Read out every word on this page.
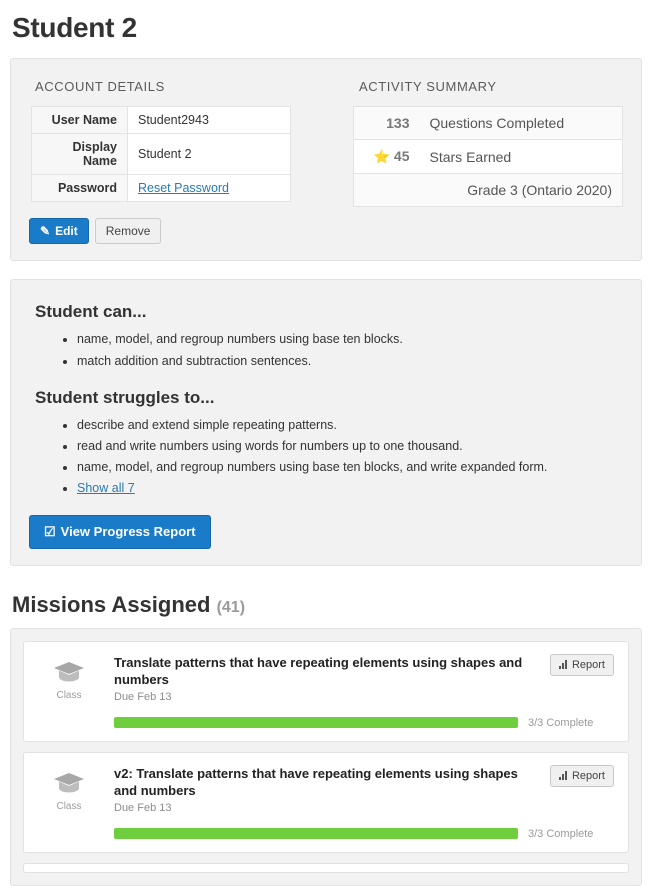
Student 2
ACCOUNT DETAILS
User Name	Student2943
Display Name	Student 2
Password	Reset Password
✎ Edit Remove
ACTIVITY SUMMARY
133	Questions Completed
⭐ 45	Stars Earned
	Grade 3 (Ontario 2020)
Student can...
• name, model, and regroup numbers using base ten blocks.
• match addition and subtraction sentences.
Student struggles to...
• describe and extend simple repeating patterns.
• read and write numbers using words for numbers up to one thousand.
• name, model, and regroup numbers using base ten blocks, and write expanded form.
• Show all 7
☑ View Progress Report
Missions Assigned (41)
Class
Translate patterns that have repeating elements using shapes and numbers
Due Feb 13
Report
3/3 Complete
Class
v2: Translate patterns that have repeating elements using shapes and numbers
Due Feb 13
Report
3/3 Complete
